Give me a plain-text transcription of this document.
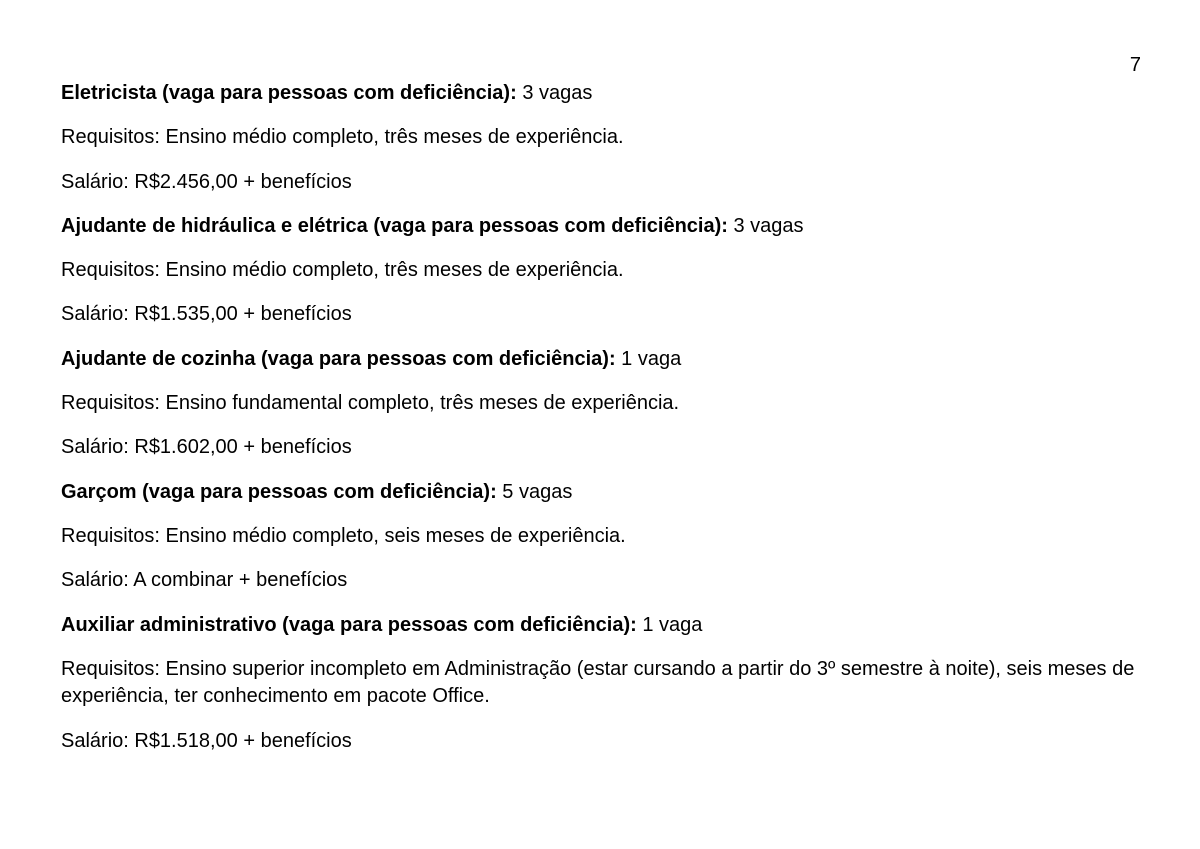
7
Eletricista (vaga para pessoas com deficiência): 3 vagas
Requisitos: Ensino médio completo, três meses de experiência.
Salário: R$2.456,00 + benefícios
Ajudante de hidráulica e elétrica (vaga para pessoas com deficiência): 3 vagas
Requisitos: Ensino médio completo, três meses de experiência.
Salário: R$1.535,00 + benefícios
Ajudante de cozinha (vaga para pessoas com deficiência): 1 vaga
Requisitos: Ensino fundamental completo, três meses de experiência.
Salário: R$1.602,00 + benefícios
Garçom (vaga para pessoas com deficiência): 5 vagas
Requisitos: Ensino médio completo, seis meses de experiência.
Salário: A combinar + benefícios
Auxiliar administrativo (vaga para pessoas com deficiência): 1 vaga
Requisitos: Ensino superior incompleto em Administração (estar cursando a partir do 3º semestre à noite), seis meses de experiência, ter conhecimento em pacote Office.
Salário: R$1.518,00 + benefícios
